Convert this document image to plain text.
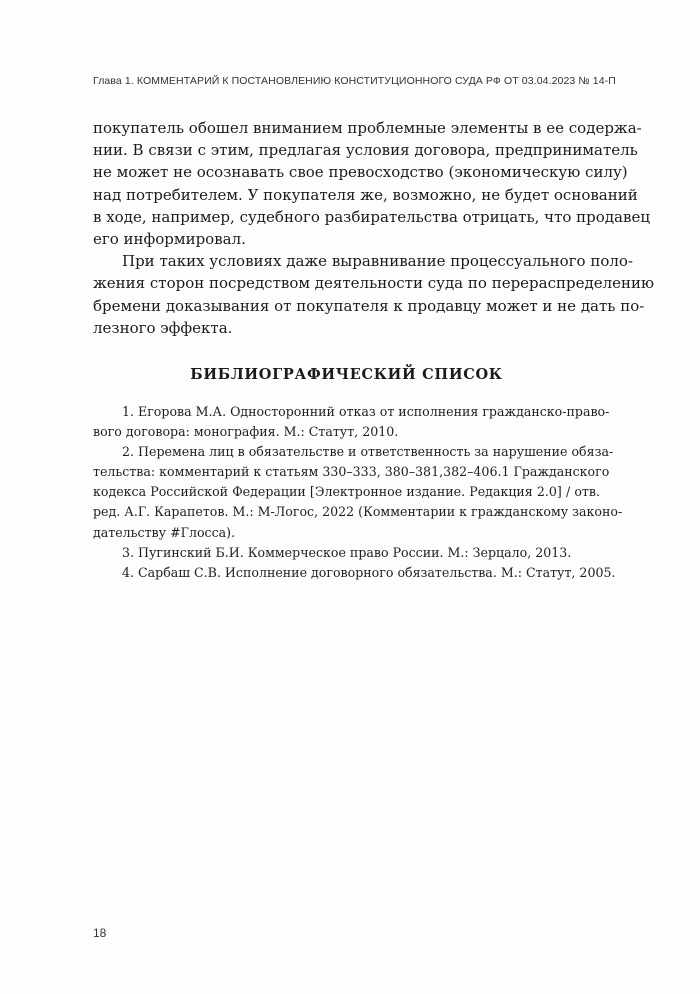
Глава 1. КОММЕНТАРИЙ К ПОСТАНОВЛЕНИЮ КОНСТИТУЦИОННОГО СУДА РФ ОТ 03.04.2023 № 14-П
покупатель обошел вниманием проблемные элементы в ее содержа-
нии. В связи с этим, предлагая условия договора, предприниматель
не может не осознавать свое превосходство (экономическую силу)
над потребителем. У покупателя же, возможно, не будет оснований
в ходе, например, судебного разбирательства отрицать, что продавец
его информировал.
При таких условиях даже выравнивание процессуального поло-
жения сторон посредством деятельности суда по перераспределению
бремени доказывания от покупателя к продавцу может и не дать по-
лезного эффекта.
БИБЛИОГРАФИЧЕСКИЙ СПИСОК
1. Егорова М.А. Односторонний отказ от исполнения гражданско-право-
вого договора: монография. М.: Статут, 2010.
2. Перемена лиц в обязательстве и ответственность за нарушение обяза-
тельства: комментарий к статьям 330–333, 380–381,382–406.1 Гражданского
кодекса Российской Федерации [Электронное издание. Редакция 2.0] / отв.
ред. А.Г. Карапетов. М.: М-Логос, 2022 (Комментарии к гражданскому законо-
дательству #Глосса).
3. Пугинский Б.И. Коммерческое право России. М.: Зерцало, 2013.
4. Сарбаш С.В. Исполнение договорного обязательства. М.: Статут, 2005.
18
